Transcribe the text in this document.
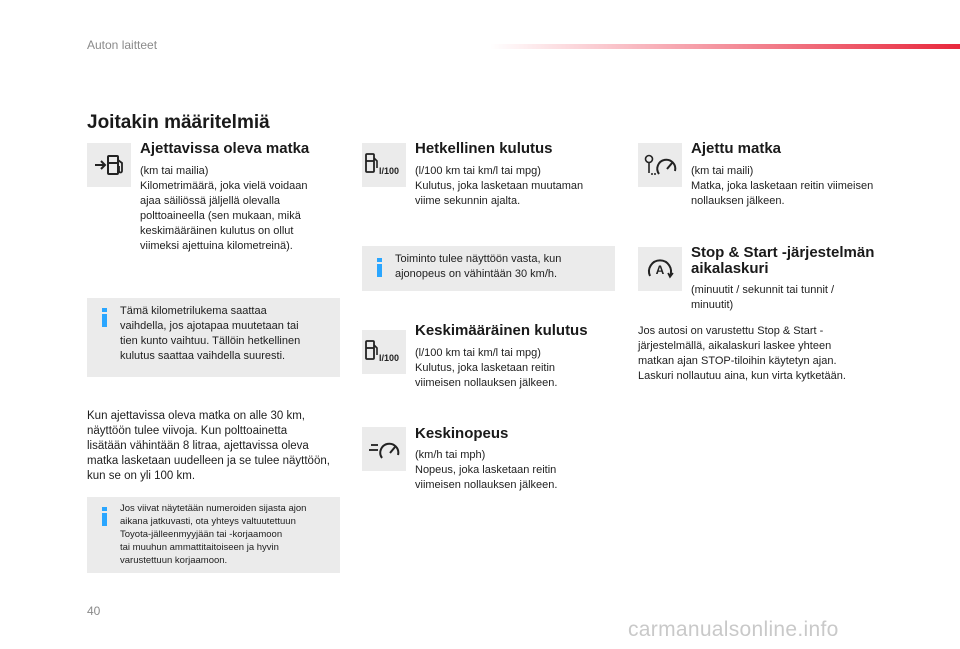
Auton laitteet
Joitakin määritelmiä
Ajettavissa oleva matka
(km tai mailia)
Kilometrimäärä, joka vielä voidaan
ajaa säiliössä jäljellä olevalla
polttoaineella (sen mukaan, mikä
keskimääräinen kulutus on ollut
viimeksi ajettuina kilometreinä).
Tämä kilometrilukema saattaa
vaihdella, jos ajotapaa muutetaan tai
tien kunto vaihtuu. Tällöin hetkellinen
kulutus saattaa vaihdella suuresti.
Kun ajettavissa oleva matka on alle 30 km,
näyttöön tulee viivoja. Kun polttoainetta
lisätään vähintään 8 litraa, ajettavissa oleva
matka lasketaan uudelleen ja se tulee näyttöön,
kun se on yli 100 km.
Jos viivat näytetään numeroiden sijasta ajon
aikana jatkuvasti, ota yhteys valtuutettuun
Toyota-jälleenmyyjään tai -korjaamoon
tai muuhun ammattitaitoiseen ja hyvin
varustettuun korjaamoon.
l/100
Hetkellinen kulutus
(l/100 km tai km/l tai mpg)
Kulutus, joka lasketaan muutaman
viime sekunnin ajalta.
Toiminto tulee näyttöön vasta, kun
ajonopeus on vähintään 30 km/h.
l/100
Keskimääräinen kulutus
(l/100 km tai km/l tai mpg)
Kulutus, joka lasketaan reitin
viimeisen nollauksen jälkeen.
Keskinopeus
(km/h tai mph)
Nopeus, joka lasketaan reitin
viimeisen nollauksen jälkeen.
Ajettu matka
(km tai maili)
Matka, joka lasketaan reitin viimeisen
nollauksen jälkeen.
A
Stop & Start -järjestelmän
aikalaskuri
(minuutit / sekunnit tai tunnit /
minuutit)
Jos autosi on varustettu Stop & Start -
järjestelmällä, aikalaskuri laskee yhteen
matkan ajan STOP-tiloihin käytetyn ajan.
Laskuri nollautuu aina, kun virta kytketään.
40
carmanualsonline.info
